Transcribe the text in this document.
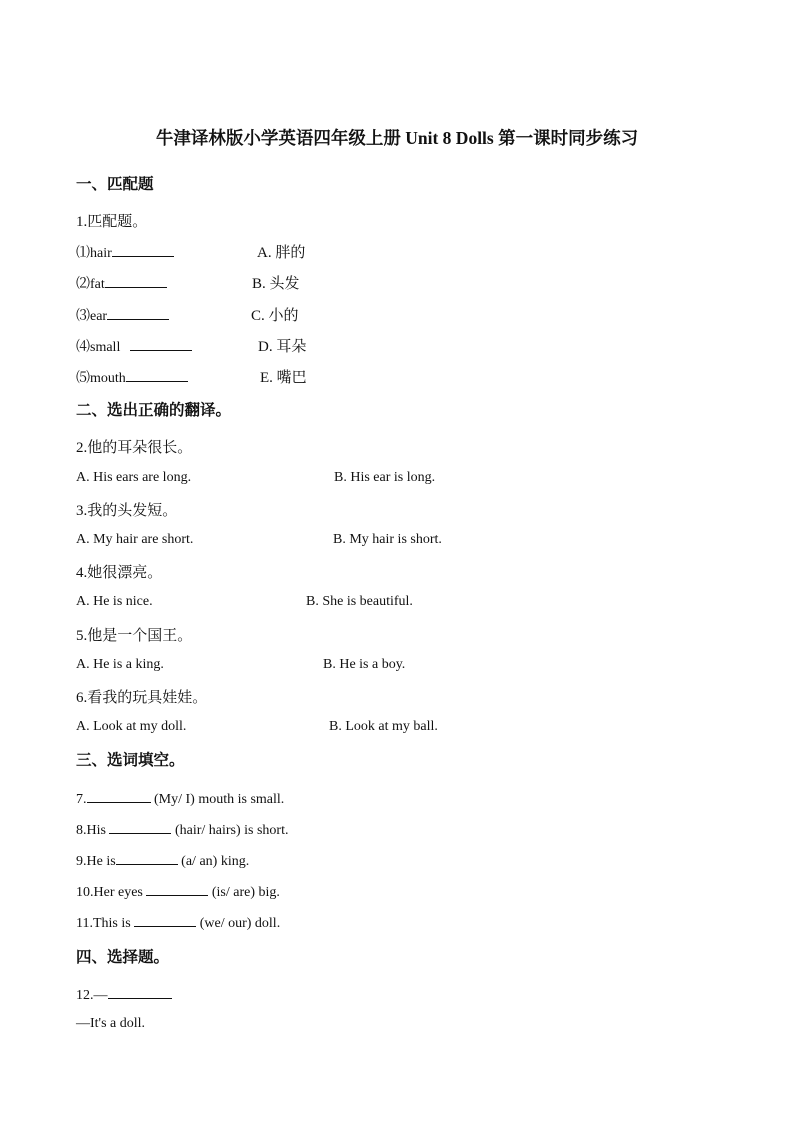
牛津译林版小学英语四年级上册 Unit 8 Dolls 第一课时同步练习
一、匹配题
1.匹配题。
⑴hair	A. 胖的
⑵fat	B. 头发
⑶ear	C. 小的
⑷small	D. 耳朵
⑸mouth	E. 嘴巴
二、选出正确的翻译。
2.他的耳朵很长。
A. His ears are long.	B. His ear is long.
3.我的头发短。
A. My hair are short.	B. My hair is short.
4.她很漂亮。
A. He is nice.	B. She is beautiful.
5.他是一个国王。
A. He is a king.	B. He is a boy.
6.看我的玩具娃娃。
A. Look at my doll.	B. Look at my ball.
三、选词填空。
7.	(My/ I) mouth is small.
8.His	(hair/ hairs) is short.
9.He is	(a/ an) king.
10.Her eyes	(is/ are) big.
11.This is	(we/ our) doll.
四、选择题。
12.—
—It's a doll.
